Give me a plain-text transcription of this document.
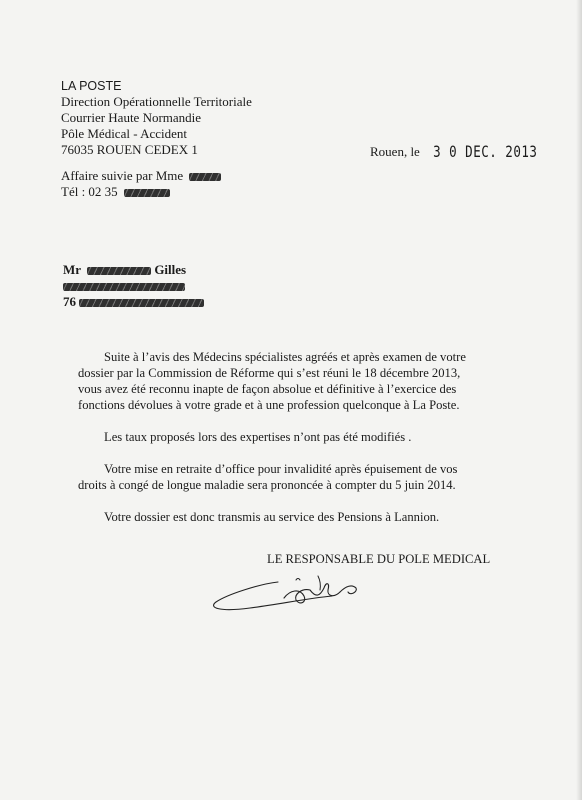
LA POSTE
Direction Opérationnelle Territoriale
Courrier Haute Normandie
Pôle Médical - Accident
76035 ROUEN CEDEX 1	Rouen, le 3 0 DEC. 2013
Affaire suivie par Mme
Tél : 02 35
Mr	Gilles
76
Suite à l’avis des Médecins spécialistes agréés et après examen de votre
dossier par la Commission de Réforme qui s’est réuni le 18 décembre 2013,
vous avez été reconnu inapte de façon absolue et définitive à l’exercice des
fonctions dévolues à votre grade et à une profession quelconque à La Poste.
Les taux proposés lors des expertises n’ont pas été modifiés .
Votre mise en retraite d’office pour invalidité après épuisement de vos
droits à congé de longue maladie sera prononcée à compter du 5 juin 2014.
Votre dossier est donc transmis au service des Pensions à Lannion.
LE RESPONSABLE DU POLE MEDICAL
